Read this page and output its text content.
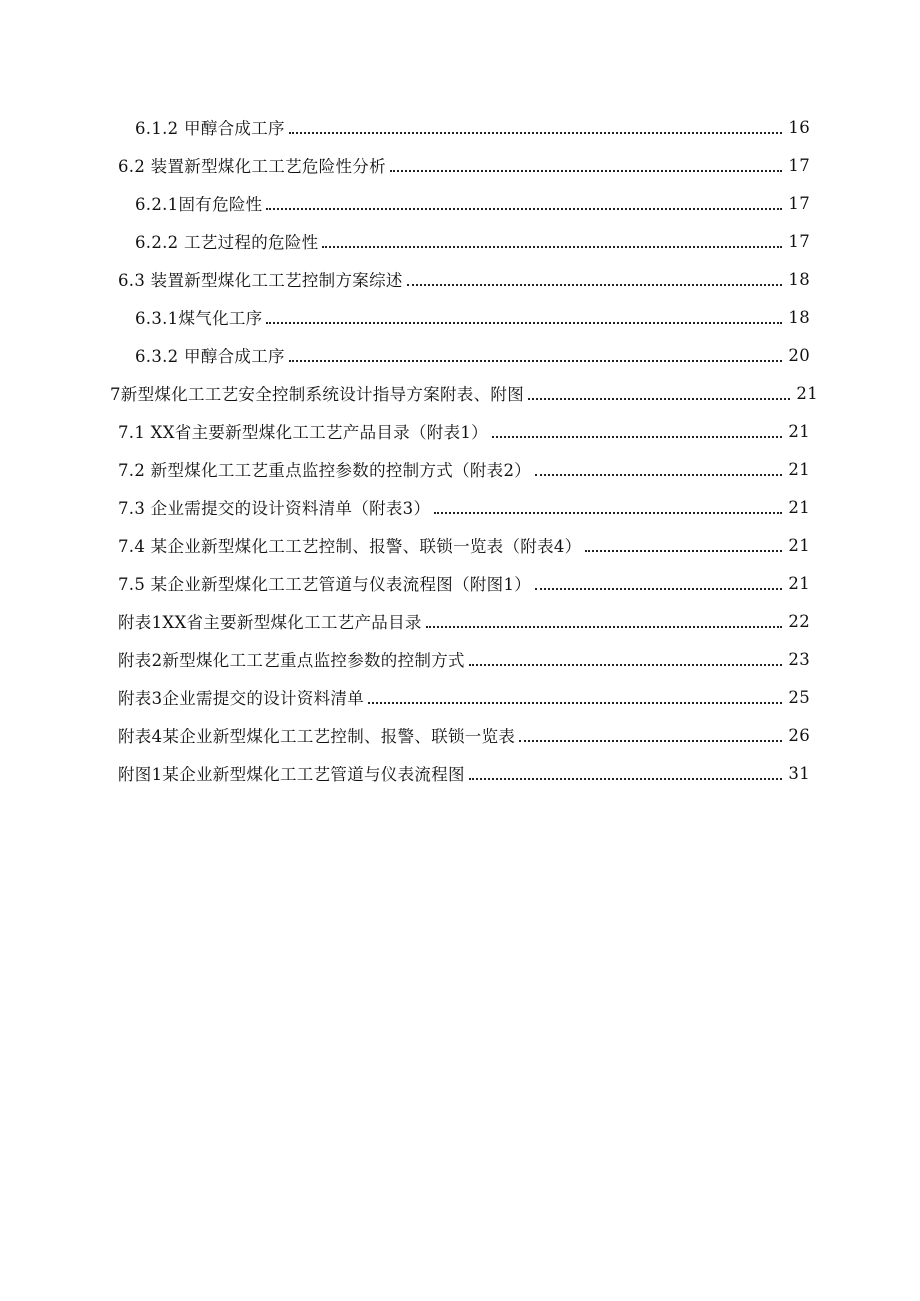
6.1.2 甲醇合成工序	16
6.2 装置新型煤化工工艺危险性分析	17
6.2.1固有危险性	17
6.2.2 工艺过程的危险性	17
6.3 装置新型煤化工工艺控制方案综述	18
6.3.1煤气化工序	18
6.3.2 甲醇合成工序	20
7新型煤化工工艺安全控制系统设计指导方案附表、附图	21
7.1 XX省主要新型煤化工工艺产品目录（附表1）	21
7.2 新型煤化工工艺重点监控参数的控制方式（附表2）	21
7.3 企业需提交的设计资料清单（附表3）	21
7.4 某企业新型煤化工工艺控制、报警、联锁一览表（附表4）	21
7.5 某企业新型煤化工工艺管道与仪表流程图（附图1）	21
附表1XX省主要新型煤化工工艺产品目录	22
附表2新型煤化工工艺重点监控参数的控制方式	23
附表3企业需提交的设计资料清单	25
附表4某企业新型煤化工工艺控制、报警、联锁一览表	26
附图1某企业新型煤化工工艺管道与仪表流程图	31
